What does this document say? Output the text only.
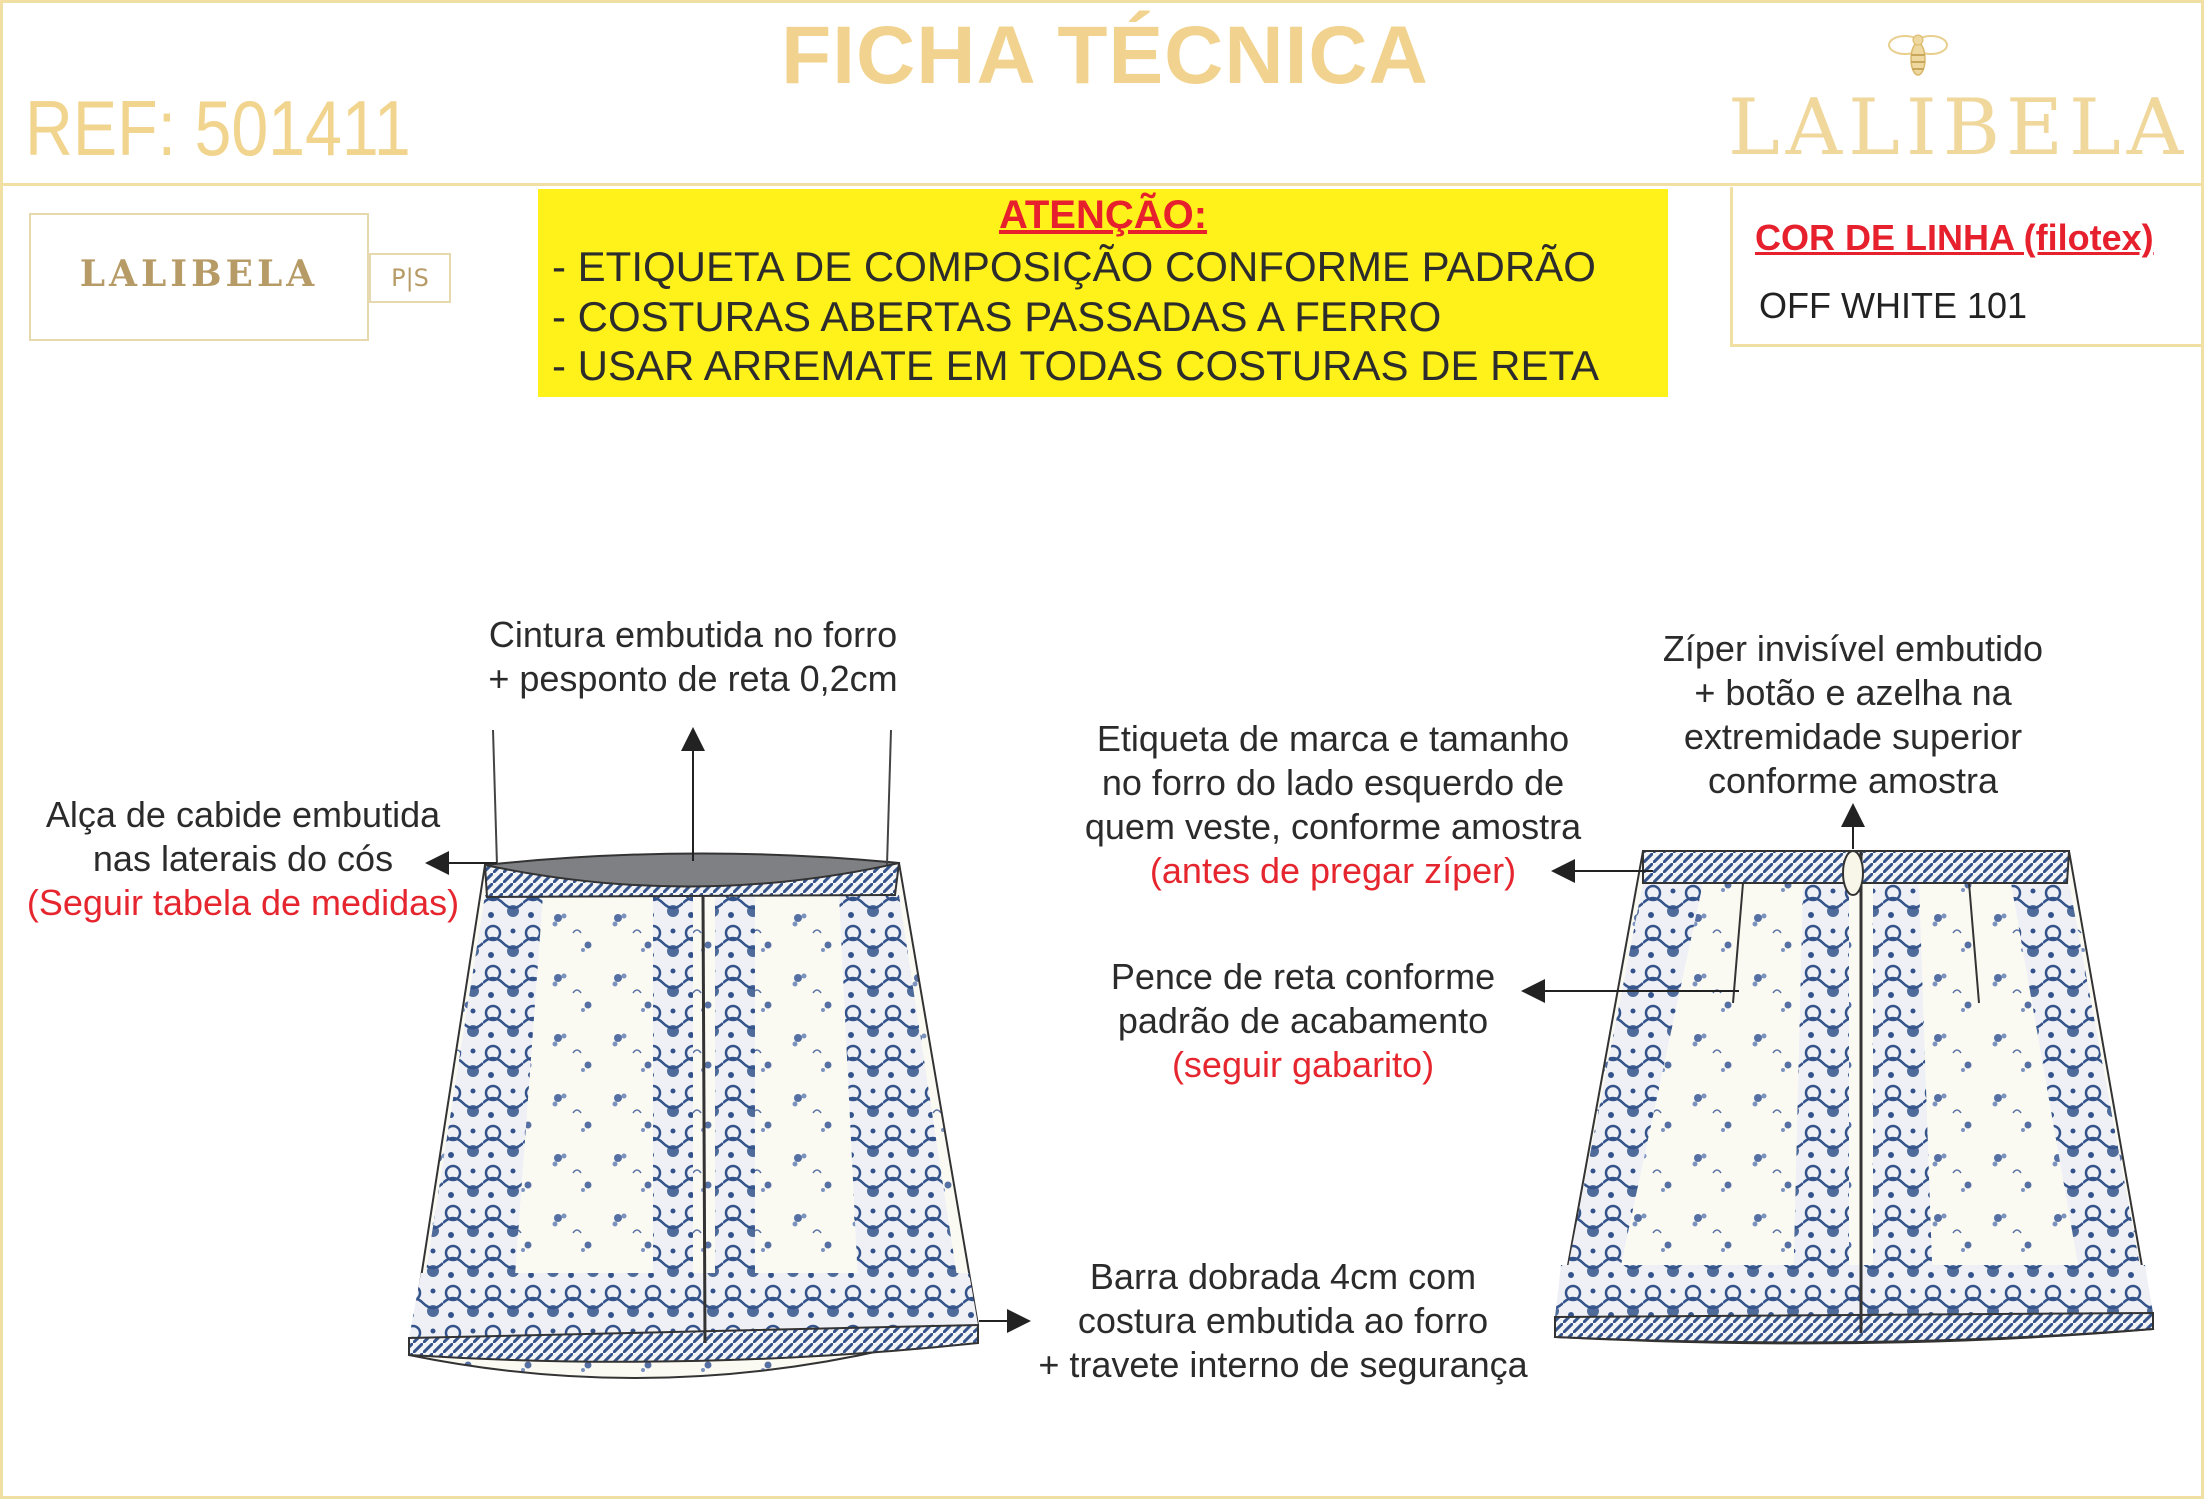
FICHA TÉCNICA
REF: 501411	LALIBELA
LALIBELA	P|S
ATENÇÃO:
- ETIQUETA DE COMPOSIÇÃO CONFORME PADRÃO
- COSTURAS ABERTAS PASSADAS A FERRO
- USAR ARREMATE EM TODAS COSTURAS DE RETA
COR DE LINHA (filotex)
OFF WHITE 101
Cintura embutida no forro
+ pesponto de reta 0,2cm
Alça de cabide embutida
nas laterais do cós
(Seguir tabela de medidas)
Barra dobrada 4cm com
costura embutida ao forro
+ travete interno de segurança
Etiqueta de marca e tamanho
no forro do lado esquerdo de
quem veste, conforme amostra
(antes de pregar zíper)
Pence de reta conforme
padrão de acabamento
(seguir gabarito)
Zíper invisível embutido
+ botão e azelha na
extremidade superior
conforme amostra
